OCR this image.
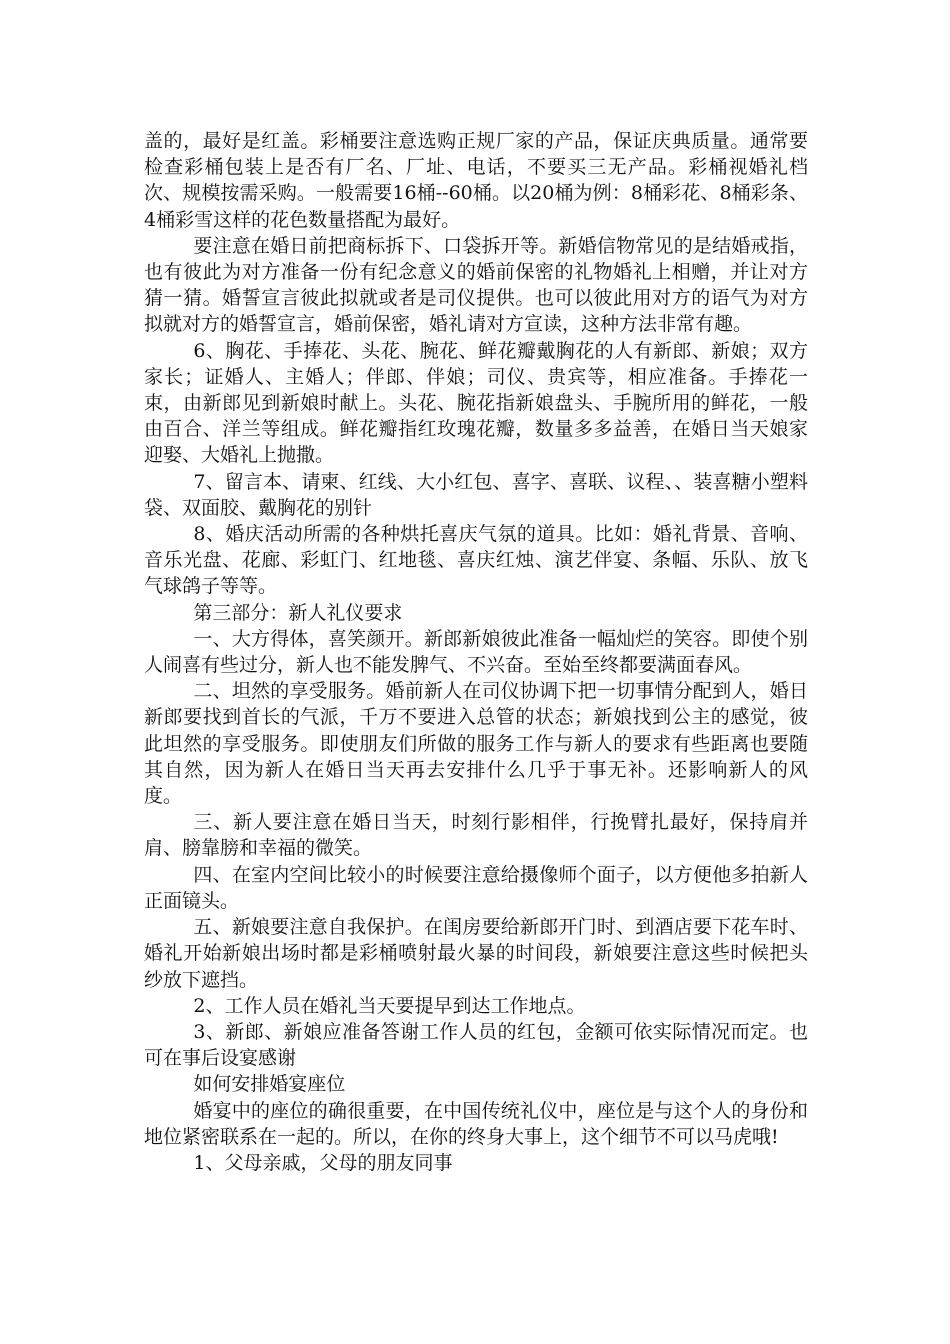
盖的，最好是红盖。彩桶要注意选购正规厂家的产品，保证庆典质量。通常要检查彩桶包装上是否有厂名、厂址、电话，不要买三无产品。彩桶视婚礼档次、规模按需采购。一般需要16桶--60桶。以20桶为例：8桶彩花、8桶彩条、4桶彩雪这样的花色数量搭配为最好。

要注意在婚日前把商标拆下、口袋拆开等。新婚信物常见的是结婚戒指，也有彼此为对方准备一份有纪念意义的婚前保密的礼物婚礼上相赠，并让对方猜一猜。婚誓宣言彼此拟就或者是司仪提供。也可以彼此用对方的语气为对方拟就对方的婚誓宣言，婚前保密，婚礼请对方宣读，这种方法非常有趣。

6、胸花、手捧花、头花、腕花、鲜花瓣戴胸花的人有新郎、新娘；双方家长；证婚人、主婚人；伴郎、伴娘；司仪、贵宾等，相应准备。手捧花一束，由新郎见到新娘时献上。头花、腕花指新娘盘头、手腕所用的鲜花，一般由百合、洋兰等组成。鲜花瓣指红玫瑰花瓣，数量多多益善，在婚日当天娘家迎娶、大婚礼上抛撒。

7、留言本、请柬、红线、大小红包、喜字、喜联、议程、、装喜糖小塑料袋、双面胶、戴胸花的别针

8、婚庆活动所需的各种烘托喜庆气氛的道具。比如：婚礼背景、音响、音乐光盘、花廊、彩虹门、红地毯、喜庆红烛、演艺伴宴、条幅、乐队、放飞气球鸽子等等。

第三部分：新人礼仪要求

一、大方得体，喜笑颜开。新郎新娘彼此准备一幅灿烂的笑容。即使个别人闹喜有些过分，新人也不能发脾气、不兴奋。至始至终都要满面春风。

二、坦然的享受服务。婚前新人在司仪协调下把一切事情分配到人，婚日新郎要找到首长的气派，千万不要进入总管的状态；新娘找到公主的感觉，彼此坦然的享受服务。即使朋友们所做的服务工作与新人的要求有些距离也要随其自然，因为新人在婚日当天再去安排什么几乎于事无补。还影响新人的风度。

三、新人要注意在婚日当天，时刻行影相伴，行挽臂扎最好，保持肩并肩、膀靠膀和幸福的微笑。

四、在室内空间比较小的时候要注意给摄像师个面子，以方便他多拍新人正面镜头。

五、新娘要注意自我保护。在闺房要给新郎开门时、到酒店要下花车时、婚礼开始新娘出场时都是彩桶喷射最火暴的时间段，新娘要注意这些时候把头纱放下遮挡。

2、工作人员在婚礼当天要提早到达工作地点。

3、新郎、新娘应准备答谢工作人员的红包，金额可依实际情况而定。也可在事后设宴感谢

如何安排婚宴座位

婚宴中的座位的确很重要，在中国传统礼仪中，座位是与这个人的身份和地位紧密联系在一起的。所以，在你的终身大事上，这个细节不可以马虎哦!

1、父母亲戚，父母的朋友同事
